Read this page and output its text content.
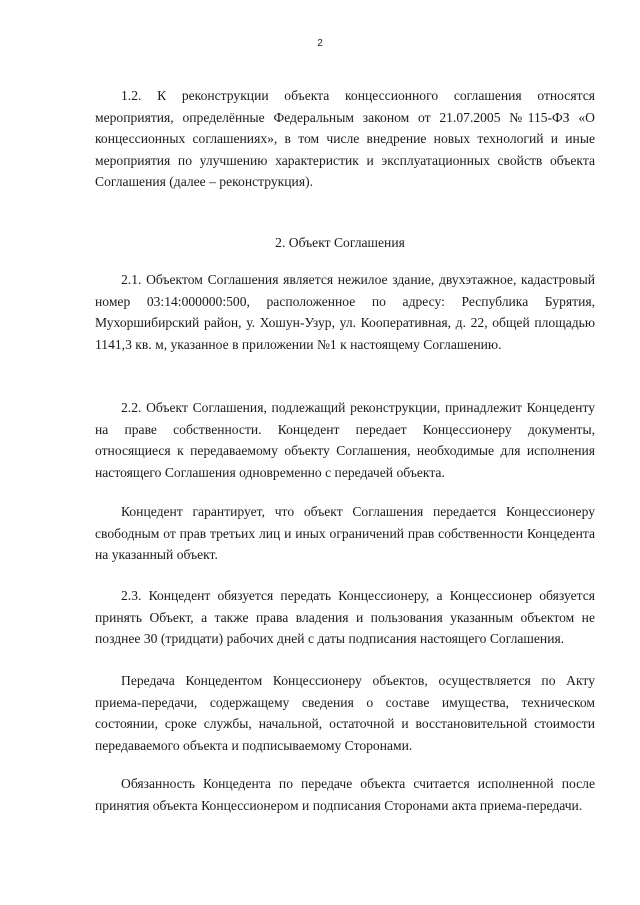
2

1.2. К реконструкции объекта концессионного соглашения относятся мероприятия, определённые Федеральным законом от 21.07.2005 №115-ФЗ «О концессионных соглашениях», в том числе внедрение новых технологий и иные мероприятия по улучшению характеристик и эксплуатационных свойств объекта Соглашения (далее – реконструкция).

2. Объект Соглашения

2.1. Объектом Соглашения является нежилое здание, двухэтажное, кадастровый номер 03:14:000000:500, расположенное по адресу: Республика Бурятия, Мухоршибирский район, у. Хошун-Узур, ул. Кооперативная, д. 22, общей площадью 1141,3 кв. м, указанное в приложении №1 к настоящему Соглашению.

2.2. Объект Соглашения, подлежащий реконструкции, принадлежит Концеденту на праве собственности. Концедент передает Концессионеру документы, относящиеся к передаваемому объекту Соглашения, необходимые для исполнения настоящего Соглашения одновременно с передачей объекта.

Концедент гарантирует, что объект Соглашения передается Концессионеру свободным от прав третьих лиц и иных ограничений прав собственности Концедента на указанный объект.

2.3. Концедент обязуется передать Концессионеру, а Концессионер обязуется принять Объект, а также права владения и пользования указанным объектом не позднее 30 (тридцати) рабочих дней с даты подписания настоящего Соглашения.

Передача Концедентом Концессионеру объектов, осуществляется по Акту приема-передачи, содержащему сведения о составе имущества, техническом состоянии, сроке службы, начальной, остаточной и восстановительной стоимости передаваемого объекта и подписываемому Сторонами.

Обязанность Концедента по передаче объекта считается исполненной после принятия объекта Концессионером и подписания Сторонами акта приема-передачи.
